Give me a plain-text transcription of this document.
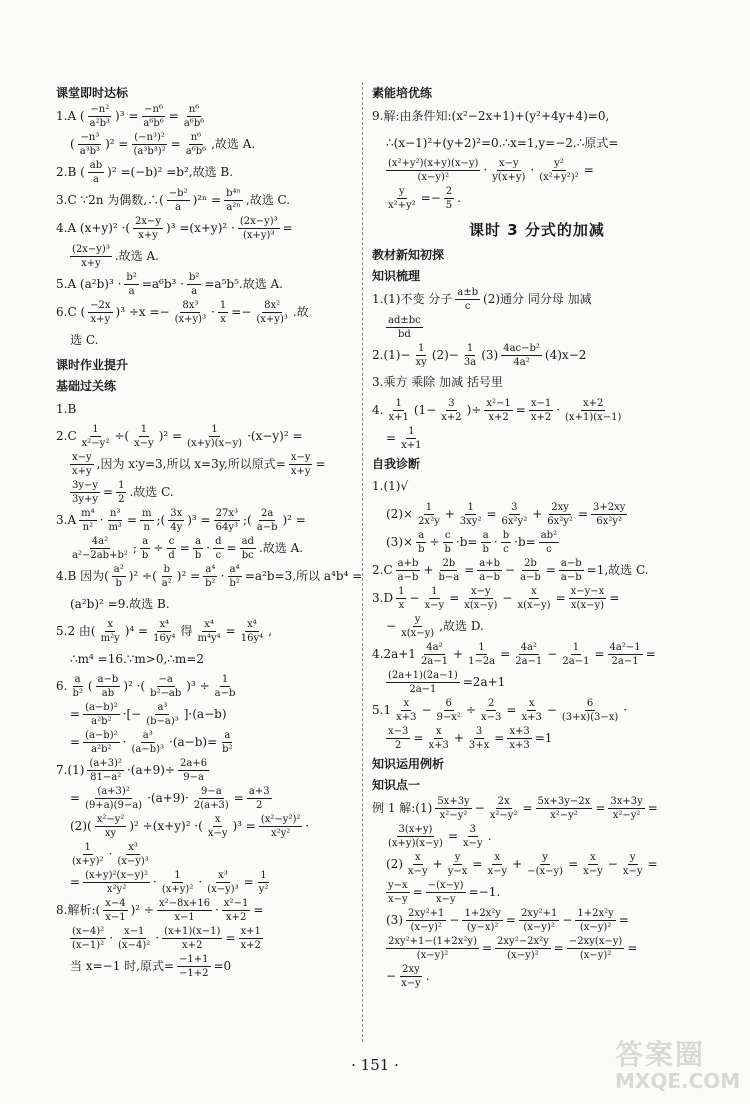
课堂即时达标
1.A ( $\frac{\text{−n²}}{\text{a²b³}} )^3 = \frac{\text{−n⁶}}{\text{a⁶b⁶}} = \frac{\text{n⁶}}{\text{a⁶b⁶}}$
( $\frac{\text{−n³}}{\text{a³b³}} )^2 = \frac{\text{(−n³)²}}{\text{(a³b³)²}} = \frac{\text{n⁶}}{\text{a⁶b⁶}}$ ,故选 A.
2.B ( $\frac{ab}{a} )^2 =(-b)^2 =b^2$,故选 B.
3.C ∵2n 为偶数,∴( $\frac{\text{−b²}}{a} )^{2n} = \frac{\text{b⁴ⁿ}}{\text{a²ⁿ}}$ ,故选 C.
4.A (x+y)² ·( $\frac{2x-y}{x+y} )^3 =(x+y)^2 \cdot \frac{\text{(2x−y)³}}{\text{(x+y)³}}$ =
$\frac{\text{(2x−y)³}}{x+y}$ .故选 A.
5.A $(a^2b)^3 \cdot \frac{\text{b²}}{a} =a^6b^3 \cdot \frac{\text{b²}}{a} =a^5b^5$.故选 A.
6.C ( $\frac{-2x}{x+y} )^3 \div x =- \frac{\text{8x³}}{\text{(x+y)³}} \cdot \frac{1}{x} =- \frac{\text{8x²}}{\text{(x+y)³}}$ .故
选 C.
课时作业提升
基础过关练
1.B
$2.C \frac{1}{\text{x²−y²}}$ ÷( $\frac{1}{x-y} )^2 = \frac{1}{(x+y)(x-y)} \cdot(x-y)^2$ =
$\frac{x-y}{x+y}$ ,因为 x∶y=3,所以 x=3y,所以原式= $\frac{x-y}{x+y}$ =
$\frac{3y-y}{3y+y} = \frac{1}{2}$ .故选 C.
$3.A \frac{\text{m⁴}}{\text{n²}} \cdot \frac{\text{n³}}{\text{m³}} = \frac{m}{n}$ ;( $\frac{3x}{4y} )^3 = \frac{\text{27x³}}{\text{64y³}}$ ;( $\frac{2a}{a-b} )^2$ =
$\frac{\text{4a²}}{\text{a²−2ab+b²}}$ ; $\frac{a}{b} \div \frac{c}{d} = \frac{a}{b} \cdot \frac{d}{c} = \frac{ad}{bc}$ .故选 A.
4.B 因为( $\frac{\text{a²}}{b} )^2$ ÷( $\frac{b}{\text{a²}} )^2 = \frac{\text{a⁴}}{\text{b²}} \cdot \frac{\text{a⁴}}{\text{b²}} =a^2b=3$,所以 a⁴b⁴ =
(a²b)² =9.故选 B.
5.2 由( $\frac{x}{\text{m²y}} )^4 = \frac{\text{x⁴}}{\text{16y⁴}}$ 得 $\frac{\text{x⁴}}{\text{m⁴y⁴}} = \frac{\text{x⁴}}{\text{16y⁴}}$ ,
∴m⁴ =16.∵m>0,∴m=2
6. $\frac{a}{\text{b²}}$ ( $\frac{a-b}{ab} )^2$ ·( $\frac{-a}{\text{b²−ab}} )^3 \div \frac{1}{a-b}$
= $\frac{\text{(a−b)²}}{\text{a²b²}}$ ·[− $\frac{\text{a³}}{\text{(b−a)³}} ]\cdot(a-b)$
= $\frac{\text{(a−b)²}}{\text{a²b²}} \cdot \frac{\text{a³}}{\text{(a−b)³}} \cdot(a-b)= \frac{a}{\text{b²}}$
$7.(1) \frac{\text{(a+3)²}}{\text{81−a²}} \cdot(a+9)\div \frac{2a+6}{9-a}$
= $\frac{\text{(a+3)²}}{(9+a)(9-a)} \cdot(a+9)\cdot \frac{9-a}{2(a+3)} = \frac{a+3}{2}$
$(2)( \frac{\text{x²−y²}}{xy} )^2 \div(x+y)^2$ ·( $\frac{x}{x-y} )^3 = \frac{\text{(x²−y²)²}}{\text{x²y²}}$ ·
$\frac{1}{\text{(x+y)²}} \cdot \frac{\text{x³}}{\text{(x−y)³}}$
= $\frac{\text{(x+y)²(x−y)²}}{\text{x²y²}} \cdot \frac{1}{\text{(x+y)²}} \cdot \frac{\text{x³}}{\text{(x−y)³}} = \frac{1}{\text{y²}}$
8.解析:( $\frac{x-4}{x-1} )^2 \div \frac{\text{x²−8x+16}}{x-1} \cdot \frac{\text{x²−1}}{x+2}$ =
$\frac{\text{(x−4)²}}{\text{(x−1)²}} \cdot \frac{x-1}{\text{(x−4)²}} \cdot \frac{(x+1)(x-1)}{x+2} = \frac{x+1}{x+2}$
当 x=−1 时,原式= $\frac{-1+1}{-1+2} =0$
素能培优练
9.解:由条件知:(x²−2x+1)+(y²+4y+4)=0,
∴(x−1)²+(y+2)²=0.∴x=1,y=−2.∴原式=
$\frac{\text{(x²+y²)(x+y)(x−y)}}{\text{(x−y)²}} \cdot \frac{x-y}{y(x+y)} \cdot \frac{\text{y²}}{\text{(x²+y²)²}}$ =
$\frac{y}{\text{x²+y²}} =- \frac{2}{5}$ .
课时 3 分式的加减
教材新知初探
知识梳理
1.(1)不变 分子 $\frac{a\pm b}{c} (2)$通分 同分母 加减
$\frac{ad\pm bc}{bd}$
$2.(1)- \frac{1}{xy} (2)- \frac{1}{3a} (3) \frac{\text{4ac−b²}}{\text{4a²}} (4)x-2$
3.乘方 乘除 加减 括号里
4. $\frac{1}{x+1} (1- \frac{3}{x+2}$ )÷ $\frac{\text{x²−1}}{x+2} = \frac{x-1}{x+2} \cdot \frac{x+2}{(x+1)(x-1)}$
= $\frac{1}{x+1}$
自我诊断
1.(1)√
$(2)\times \frac{1}{\text{2x²y}} + \frac{1}{\text{3xy²}} = \frac{3}{\text{6x²y²}} + \frac{2xy}{\text{6x²y²}} = \frac{3+2xy}{\text{6x²y²}}$
$(3)\times \frac{a}{b} \div \frac{c}{b} \cdot b= \frac{a}{b} \cdot \frac{b}{c} \cdot b= \frac{\text{ab²}}{c}$
$2.C \frac{a+b}{a-b} + \frac{2b}{b-a} = \frac{a+b}{a-b} - \frac{2b}{a-b} = \frac{a-b}{a-b} =1$,故选 C.
$3.D \frac{1}{x} - \frac{1}{x-y} = \frac{x-y}{x(x-y)} - \frac{x}{x(x-y)} = \frac{x-y-x}{x(x-y)}$ =
− $\frac{y}{x(x-y)}$ ,故选 D.
$4.2a+1 \frac{\text{4a²}}{2a-1} + \frac{1}{1-2a} = \frac{\text{4a²}}{2a-1} - \frac{1}{2a-1} = \frac{\text{4a²−1}}{2a-1}$ =
$\frac{(2a+1)(2a-1)}{2a-1} =2a+1$
$5.1 \frac{x}{x+3} - \frac{6}{\text{9−x²}} \div \frac{2}{x-3} = \frac{x}{x+3} - \frac{6}{(3+x)(3-x)}$ ·
$\frac{x-3}{2} = \frac{x}{x+3} + \frac{3}{3+x} = \frac{x+3}{x+3} =1$
知识运用例析
知识点一
例 1 解:(1) $\frac{5x+3y}{\text{x²−y²}} - \frac{2x}{\text{x²−y²}} = \frac{5x+3y-2x}{\text{x²−y²}} = \frac{3x+3y}{\text{x²−y²}}$ =
$\frac{3(x+y)}{(x+y)(x-y)} = \frac{3}{x-y}$ .
$(2) \frac{x}{x-y} + \frac{y}{y-x} = \frac{x}{x-y} + \frac{y}{-(x-y)} = \frac{x}{x-y} - \frac{y}{x-y}$ =
$\frac{y-x}{x-y} = \frac{-(x-y)}{x-y} =-1$.
$(3) \frac{\text{2xy²+1}}{\text{(x−y)²}} - \frac{\text{1+2x²y}}{\text{(y−x)²}} = \frac{\text{2xy²+1}}{\text{(x−y)²}} - \frac{\text{1+2x²y}}{\text{(x−y)²}}$ =
$\frac{\text{2xy²+1−(1+2x²y)}}{\text{(x−y)²}} = \frac{\text{2xy²−2x²y}}{\text{(x−y)²}} = \frac{-2xy(x-y)}{\text{(x−y)²}}$ =
− $\frac{2xy}{x-y}$ .
· 151 ·	答案圈
MXQE.COM
